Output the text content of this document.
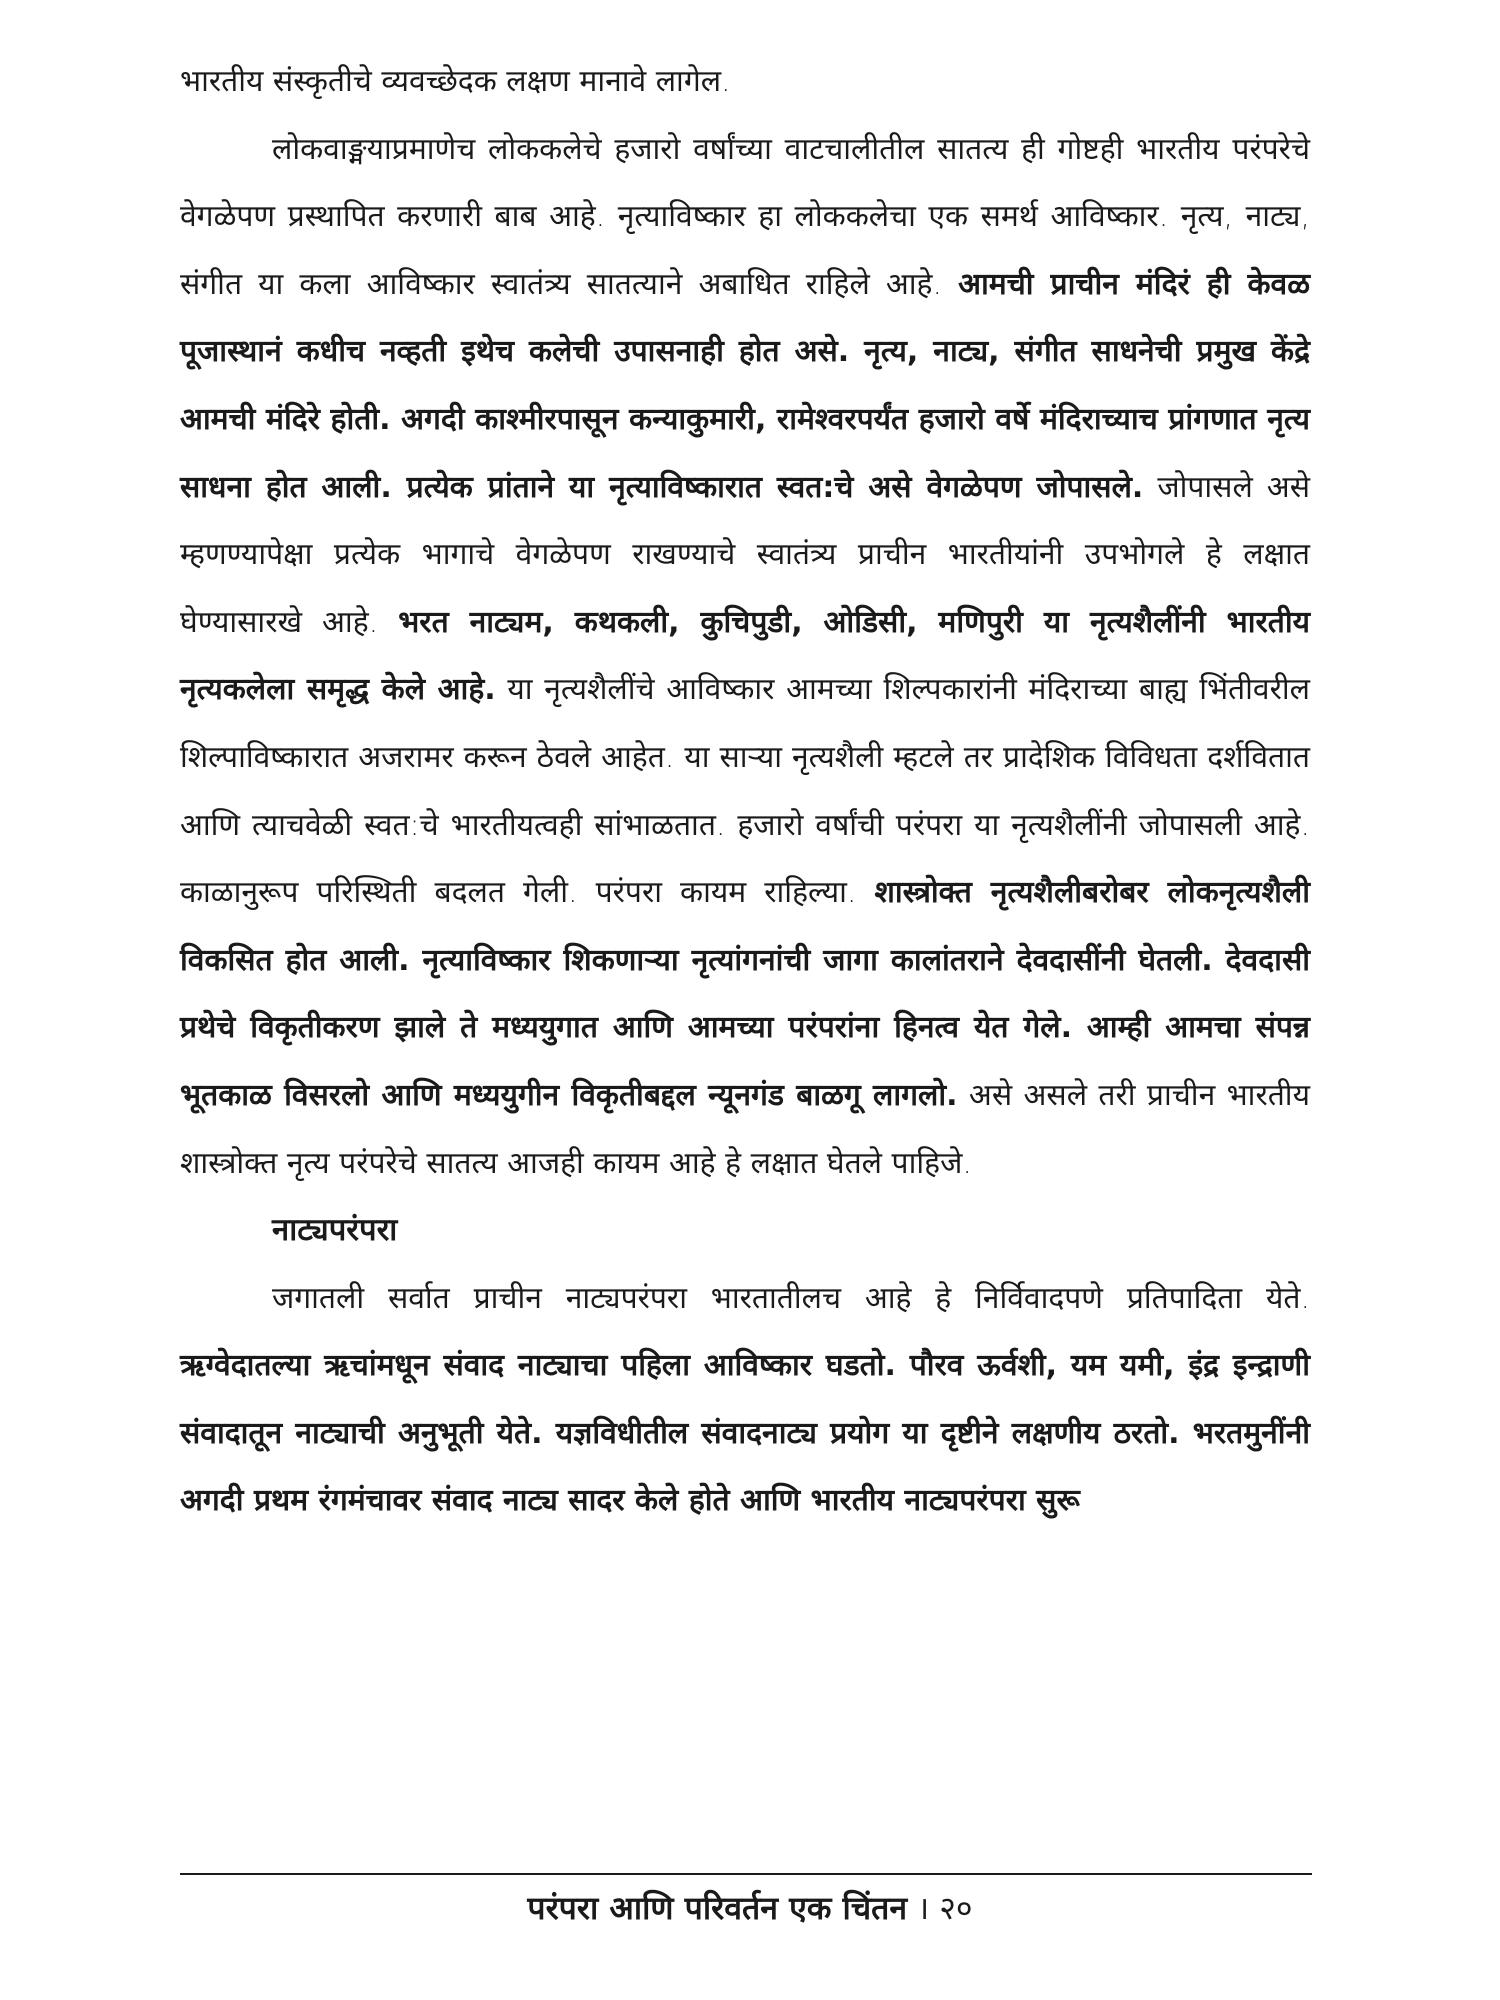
भारतीय संस्कृतीचे व्यवच्छेदक लक्षण मानावे लागेल.

लोकवाङ्मयाप्रमाणेच लोककलेचे हजारो वर्षांच्या वाटचालीतील सातत्य ही गोष्टही भारतीय परंपरेचे वेगळेपण प्रस्थापित करणारी बाब आहे. नृत्याविष्कार हा लोककलेचा एक समर्थ आविष्कार. नृत्य, नाट्य, संगीत या कला आविष्कार स्वातंत्र्य सातत्याने अबाधित राहिले आहे. आमची प्राचीन मंदिरं ही केवळ पूजास्थानं कधीच नव्हती इथेच कलेची उपासनाही होत असे. नृत्य, नाट्य, संगीत साधनेची प्रमुख केंद्रे आमची मंदिरे होती. अगदी काश्मीरपासून कन्याकुमारी, रामेश्वरपर्यंत हजारो वर्षे मंदिराच्याच प्रांगणात नृत्य साधना होत आली. प्रत्येक प्रांताने या नृत्याविष्कारात स्वत:चे असे वेगळेपण जोपासले. जोपासले असे म्हणण्यापेक्षा प्रत्येक भागाचे वेगळेपण राखण्याचे स्वातंत्र्य प्राचीन भारतीयांनी उपभोगले हे लक्षात घेण्यासारखे आहे. भरत नाट्यम, कथकली, कुचिपुडी, ओडिसी, मणिपुरी या नृत्यशैलींनी भारतीय नृत्यकलेला समृद्ध केले आहे. या नृत्यशैलींचे आविष्कार आमच्या शिल्पकारांनी मंदिराच्या बाह्य भिंतीवरील शिल्पाविष्कारात अजरामर करून ठेवले आहेत. या साऱ्या नृत्यशैली म्हटले तर प्रादेशिक विविधता दर्शवितात आणि त्याचवेळी स्वत:चे भारतीयत्वही सांभाळतात. हजारो वर्षांची परंपरा या नृत्यशैलींनी जोपासली आहे. काळानुरूप परिस्थिती बदलत गेली. परंपरा कायम राहिल्या. शास्त्रोक्त नृत्यशैलीबरोबर लोकनृत्यशैली विकसित होत आली. नृत्याविष्कार शिकणाऱ्या नृत्यांगनांची जागा कालांतराने देवदासींनी घेतली. देवदासी प्रथेचे विकृतीकरण झाले ते मध्ययुगात आणि आमच्या परंपरांना हिनत्व येत गेले. आम्ही आमचा संपन्न भूतकाळ विसरलो आणि मध्ययुगीन विकृतीबद्दल न्यूनगंड बाळगू लागलो. असे असले तरी प्राचीन भारतीय शास्त्रोक्त नृत्य परंपरेचे सातत्य आजही कायम आहे हे लक्षात घेतले पाहिजे.

नाट्यपरंपरा

जगातली सर्वात प्राचीन नाट्यपरंपरा भारतातीलच आहे हे निर्विवादपणे प्रतिपादिता येते. ऋग्वेदातल्या ऋचांमधून संवाद नाट्याचा पहिला आविष्कार घडतो. पौरव ऊर्वशी, यम यमी, इंद्र इन्द्राणी संवादातून नाट्याची अनुभूती येते. यज्ञविधीतील संवादनाट्य प्रयोग या दृष्टीने लक्षणीय ठरतो. भरतमुनींनी अगदी प्रथम रंगमंचावर संवाद नाट्य सादर केले होते आणि भारतीय नाट्यपरंपरा सुरू

परंपरा आणि परिवर्तन एक चिंतन । २०
